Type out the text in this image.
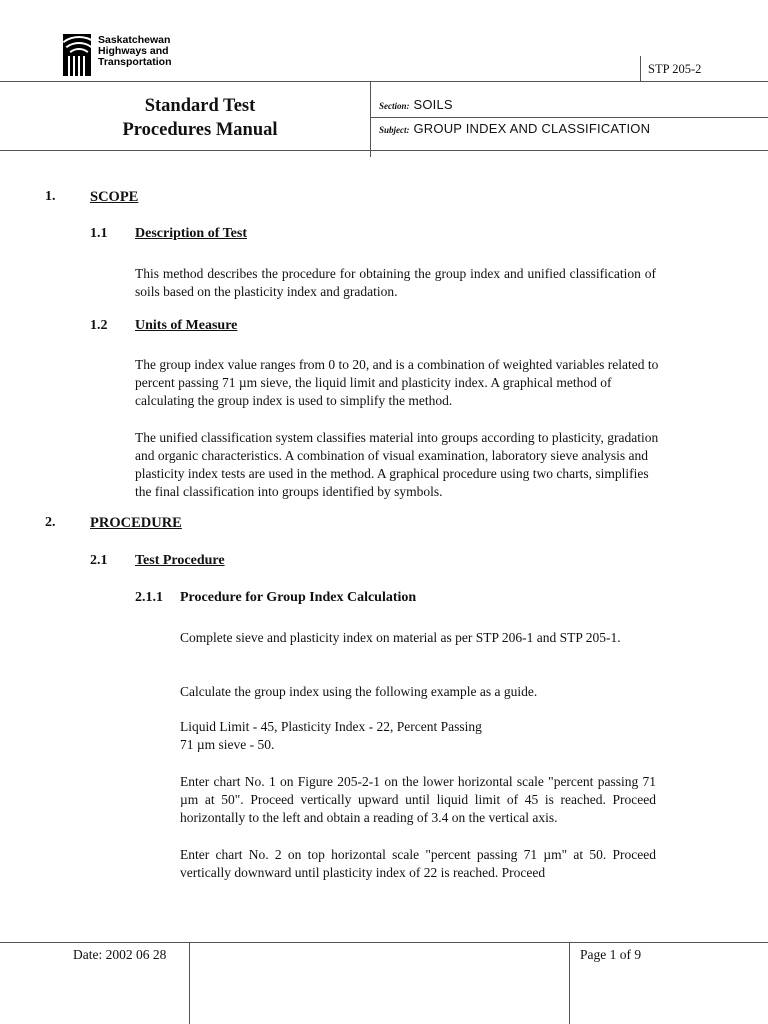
Saskatchewan
Highways and
Transportation	STP 205-2
Standard Test
Procedures Manual
Section: SOILS
Subject: GROUP INDEX AND CLASSIFICATION
1. SCOPE
1.1 Description of Test
This method describes the procedure for obtaining the group index and unified classification of soils based on the plasticity index and gradation.
1.2 Units of Measure
The group index value ranges from 0 to 20, and is a combination of weighted variables related to percent passing 71 µm sieve, the liquid limit and plasticity index. A graphical method of calculating the group index is used to simplify the method.
The unified classification system classifies material into groups according to plasticity, gradation and organic characteristics. A combination of visual examination, laboratory sieve analysis and plasticity index tests are used in the method. A graphical procedure using two charts, simplifies the final classification into groups identified by symbols.
2. PROCEDURE
2.1 Test Procedure
2.1.1 Procedure for Group Index Calculation
Complete sieve and plasticity index on material as per STP 206-1 and STP 205-1.
Calculate the group index using the following example as a guide.

Liquid Limit - 45, Plasticity Index - 22, Percent Passing

71 µm sieve - 50.

Enter chart No. 1 on Figure 205-2-1 on the lower horizontal scale "percent passing 71 µm at 50". Proceed vertically upward until liquid limit of 45 is reached. Proceed horizontally to the left and obtain a reading of 3.4 on the vertical axis.
Enter chart No. 2 on top horizontal scale "percent passing 71 µm" at 50. Proceed vertically downward until plasticity index of 22 is reached. Proceed
Date: 2002 06 28	Page 1 of 9
